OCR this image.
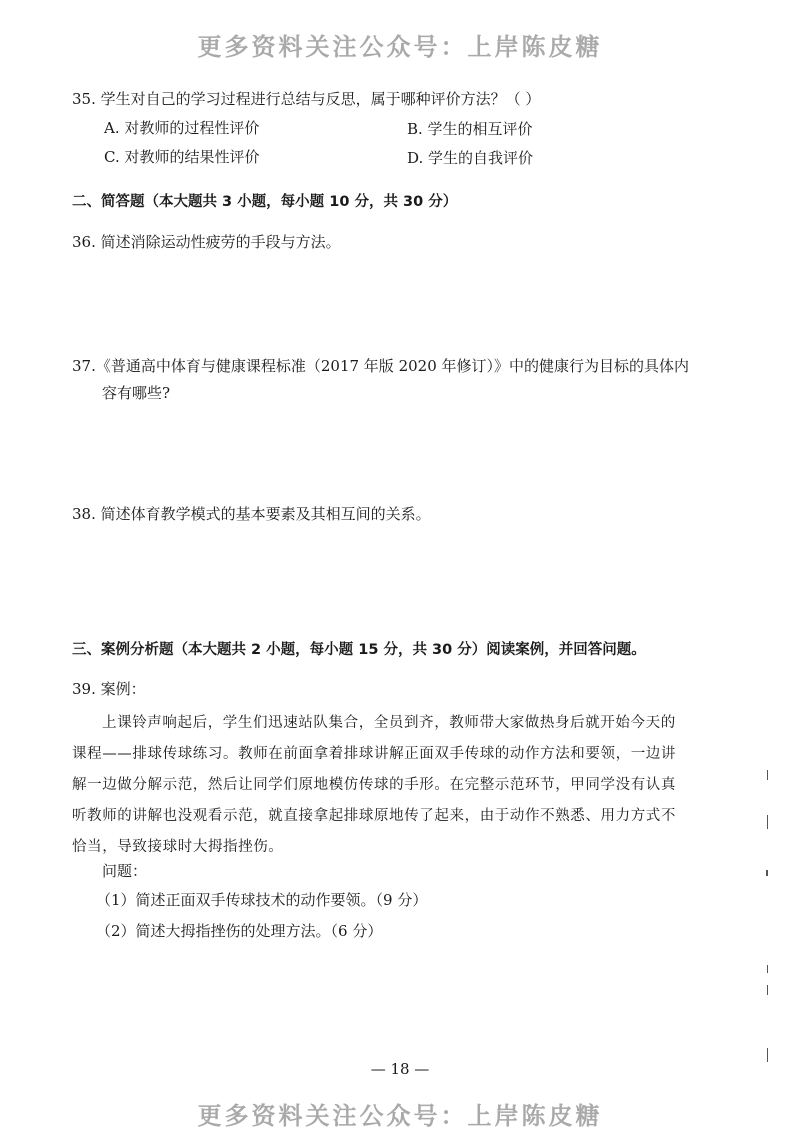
更多资料关注公众号：上岸陈皮糖
35. 学生对自己的学习过程进行总结与反思，属于哪种评价方法？（ ）
A. 对教师的过程性评价	B. 学生的相互评价
C. 对教师的结果性评价	D. 学生的自我评价
二、简答题（本大题共 3 小题，每小题 10 分，共 30 分）
36. 简述消除运动性疲劳的手段与方法。
37.《普通高中体育与健康课程标准（2017 年版 2020 年修订）》中的健康行为目标的具体内
容有哪些?
38. 简述体育教学模式的基本要素及其相互间的关系。
三、案例分析题（本大题共 2 小题，每小题 15 分，共 30 分）阅读案例，并回答问题。
39. 案例：
上课铃声响起后，学生们迅速站队集合，全员到齐，教师带大家做热身后就开始今天的
课程——排球传球练习。教师在前面拿着排球讲解正面双手传球的动作方法和要领，一边讲
解一边做分解示范，然后让同学们原地模仿传球的手形。在完整示范环节，甲同学没有认真
听教师的讲解也没观看示范，就直接拿起排球原地传了起来，由于动作不熟悉、用力方式不
恰当，导致接球时大拇指挫伤。
问题：
（1）简述正面双手传球技术的动作要领。（9 分）
（2）简述大拇指挫伤的处理方法。（6 分）
— 18 —
更多资料关注公众号：上岸陈皮糖
